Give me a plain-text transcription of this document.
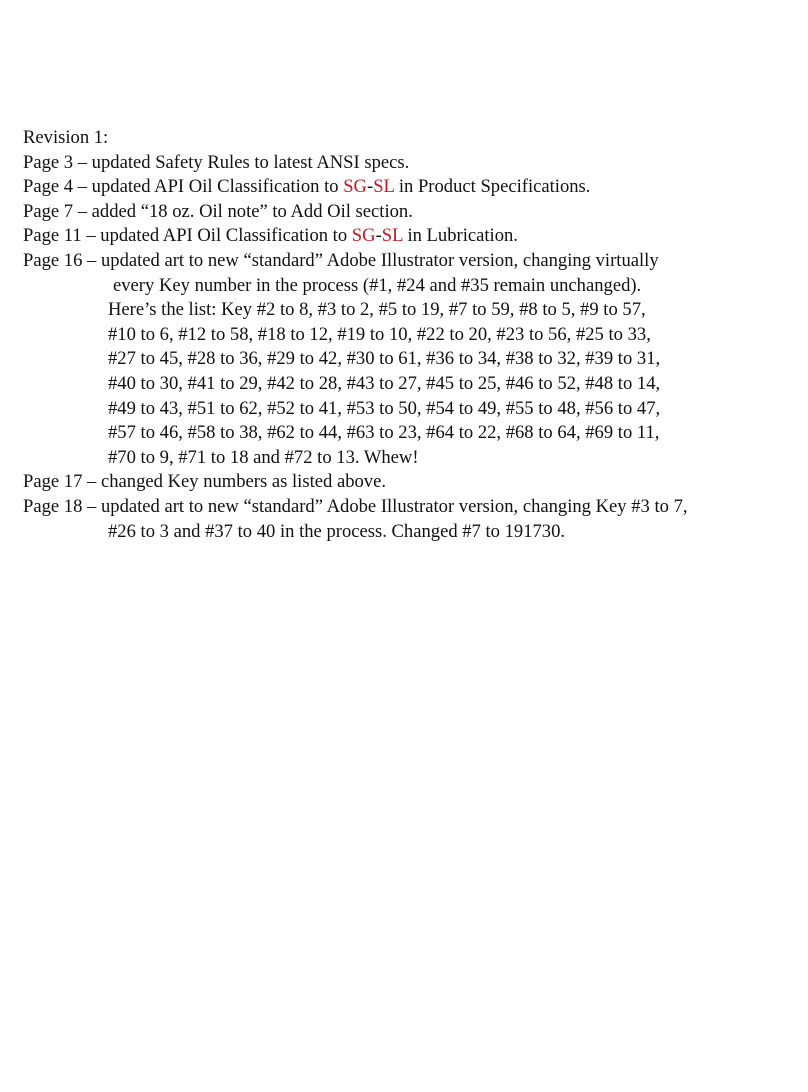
Revision 1:
Page 3 – updated Safety Rules to latest ANSI specs.
Page 4 – updated API Oil Classification to SG-SL in Product Specifications.
Page 7 – added “18 oz. Oil note” to Add Oil section.
Page 11 – updated API Oil Classification to SG-SL in Lubrication.
Page 16 – updated art to new “standard” Adobe Illustrator version, changing virtually
every Key number in the process (#1, #24 and #35 remain unchanged).
Here’s the list: Key #2 to 8, #3 to 2, #5 to 19, #7 to 59, #8 to 5, #9 to 57,
#10 to 6, #12 to 58, #18 to 12, #19 to 10, #22 to 20, #23 to 56, #25 to 33,
#27 to 45, #28 to 36, #29 to 42, #30 to 61, #36 to 34, #38 to 32, #39 to 31,
#40 to 30, #41 to 29, #42 to 28, #43 to 27, #45 to 25, #46 to 52, #48 to 14,
#49 to 43, #51 to 62, #52 to 41, #53 to 50, #54 to 49, #55 to 48, #56 to 47,
#57 to 46, #58 to 38, #62 to 44, #63 to 23, #64 to 22, #68 to 64, #69 to 11,
#70 to 9, #71 to 18 and #72 to 13. Whew!
Page 17 – changed Key numbers as listed above.
Page 18 – updated art to new “standard” Adobe Illustrator version, changing Key #3 to 7,
#26 to 3 and #37 to 40 in the process. Changed #7 to 191730.
